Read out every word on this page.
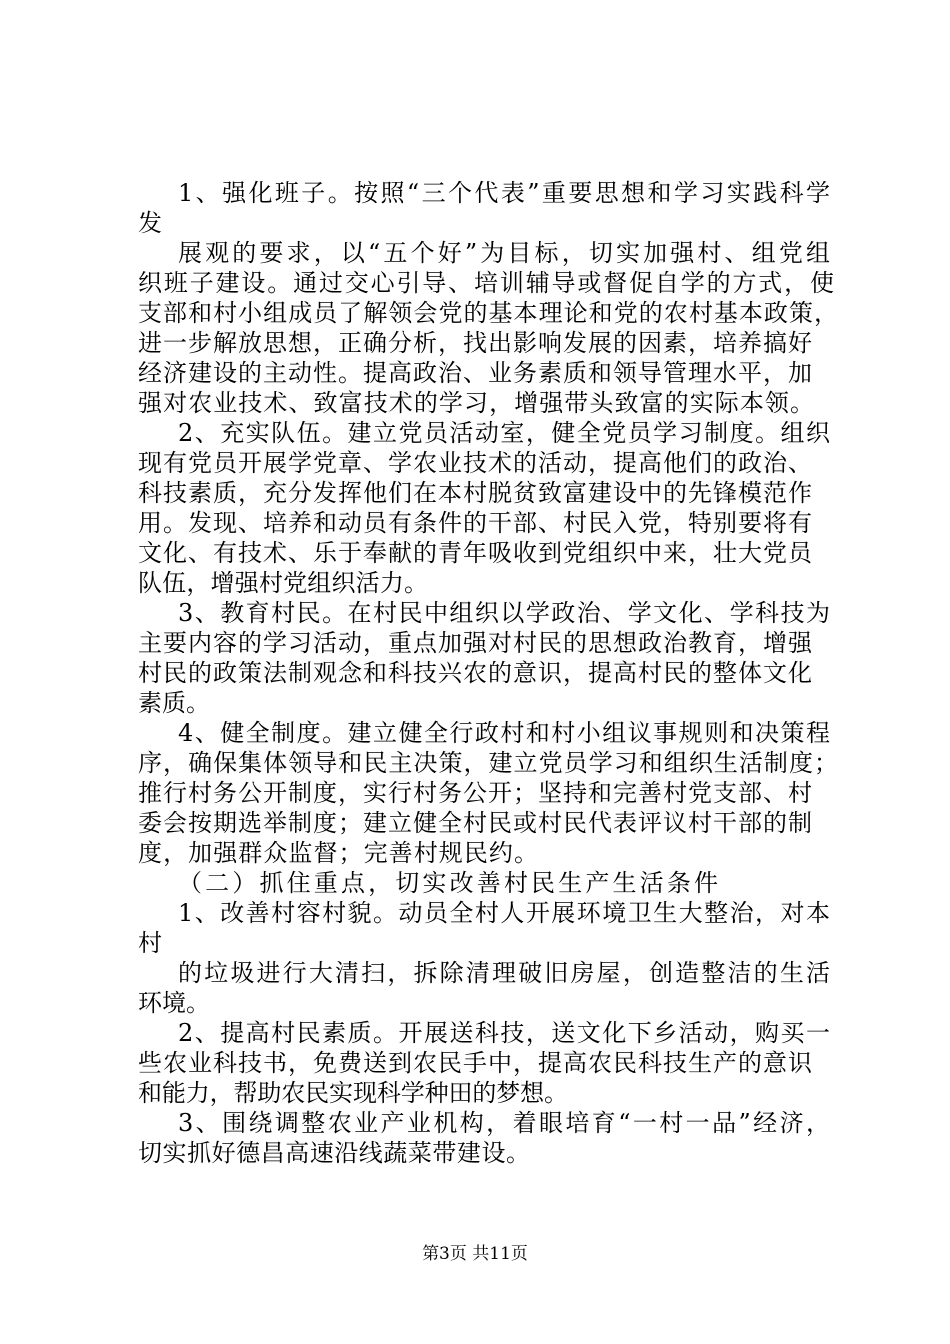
1、强化班子。按照“三个代表”重要思想和学习实践科学
发
展观的要求，以“五个好”为目标，切实加强村、组党组
织班子建设。通过交心引导、培训辅导或督促自学的方式，使
支部和村小组成员了解领会党的基本理论和党的农村基本政策，
进一步解放思想，正确分析，找出影响发展的因素，培养搞好
经济建设的主动性。提高政治、业务素质和领导管理水平，加
强对农业技术、致富技术的学习，增强带头致富的实际本领。
2、充实队伍。建立党员活动室，健全党员学习制度。组织
现有党员开展学党章、学农业技术的活动，提高他们的政治、
科技素质，充分发挥他们在本村脱贫致富建设中的先锋模范作
用。发现、培养和动员有条件的干部、村民入党，特别要将有
文化、有技术、乐于奉献的青年吸收到党组织中来，壮大党员
队伍，增强村党组织活力。
3、教育村民。在村民中组织以学政治、学文化、学科技为
主要内容的学习活动，重点加强对村民的思想政治教育，增强
村民的政策法制观念和科技兴农的意识，提高村民的整体文化
素质。
4、健全制度。建立健全行政村和村小组议事规则和决策程
序，确保集体领导和民主决策，建立党员学习和组织生活制度；
推行村务公开制度，实行村务公开；坚持和完善村党支部、村
委会按期选举制度；建立健全村民或村民代表评议村干部的制
度，加强群众监督；完善村规民约。
（二）抓住重点，切实改善村民生产生活条件
1、改善村容村貌。动员全村人开展环境卫生大整治，对本
村
的垃圾进行大清扫，拆除清理破旧房屋，创造整洁的生活
环境。
2、提高村民素质。开展送科技，送文化下乡活动，购买一
些农业科技书，免费送到农民手中，提高农民科技生产的意识
和能力，帮助农民实现科学种田的梦想。
3、围绕调整农业产业机构，着眼培育“一村一品”经济，
切实抓好德昌高速沿线蔬菜带建设。
第3页 共11页
